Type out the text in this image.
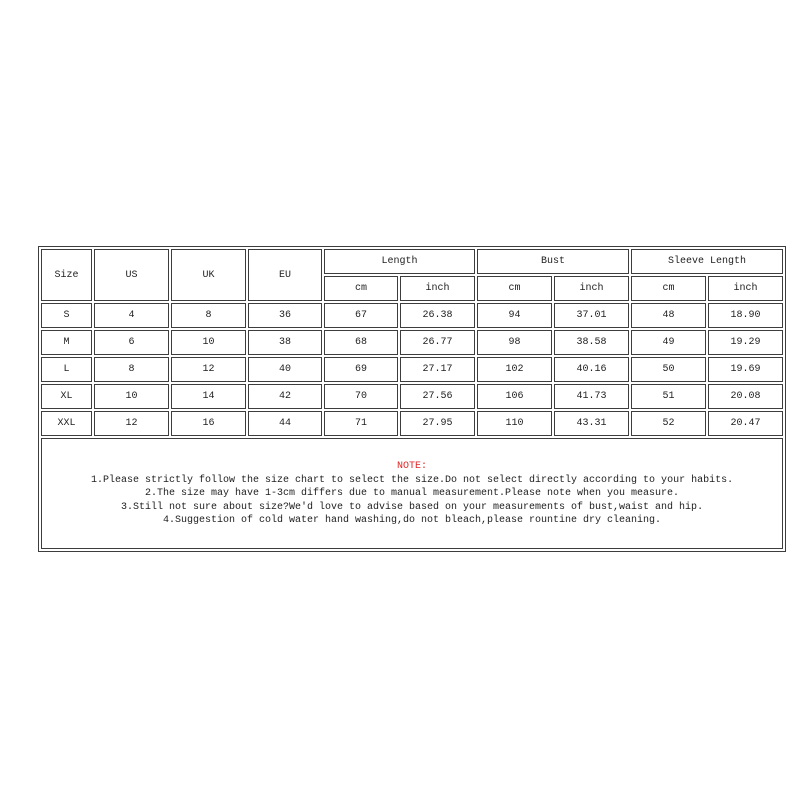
Size	US	UK	EU	Length		Bust		Sleeve Length	
				cm	inch	cm	inch	cm	inch
S	4	8	36	67	26.38	94	37.01	48	18.90
M	6	10	38	68	26.77	98	38.58	49	19.29
L	8	12	40	69	27.17	102	40.16	50	19.69
XL	10	14	42	70	27.56	106	41.73	51	20.08
XXL	12	16	44	71	27.95	110	43.31	52	20.47

NOTE:
1.Please strictly follow the size chart to select the size.Do not select directly according to your habits.
2.The size may have 1-3cm differs due to manual measurement.Please note when you measure.
3.Still not sure about size?We'd love to advise based on your measurements of bust,waist and hip.
4.Suggestion of cold water hand washing,do not bleach,please rountine dry cleaning.									
